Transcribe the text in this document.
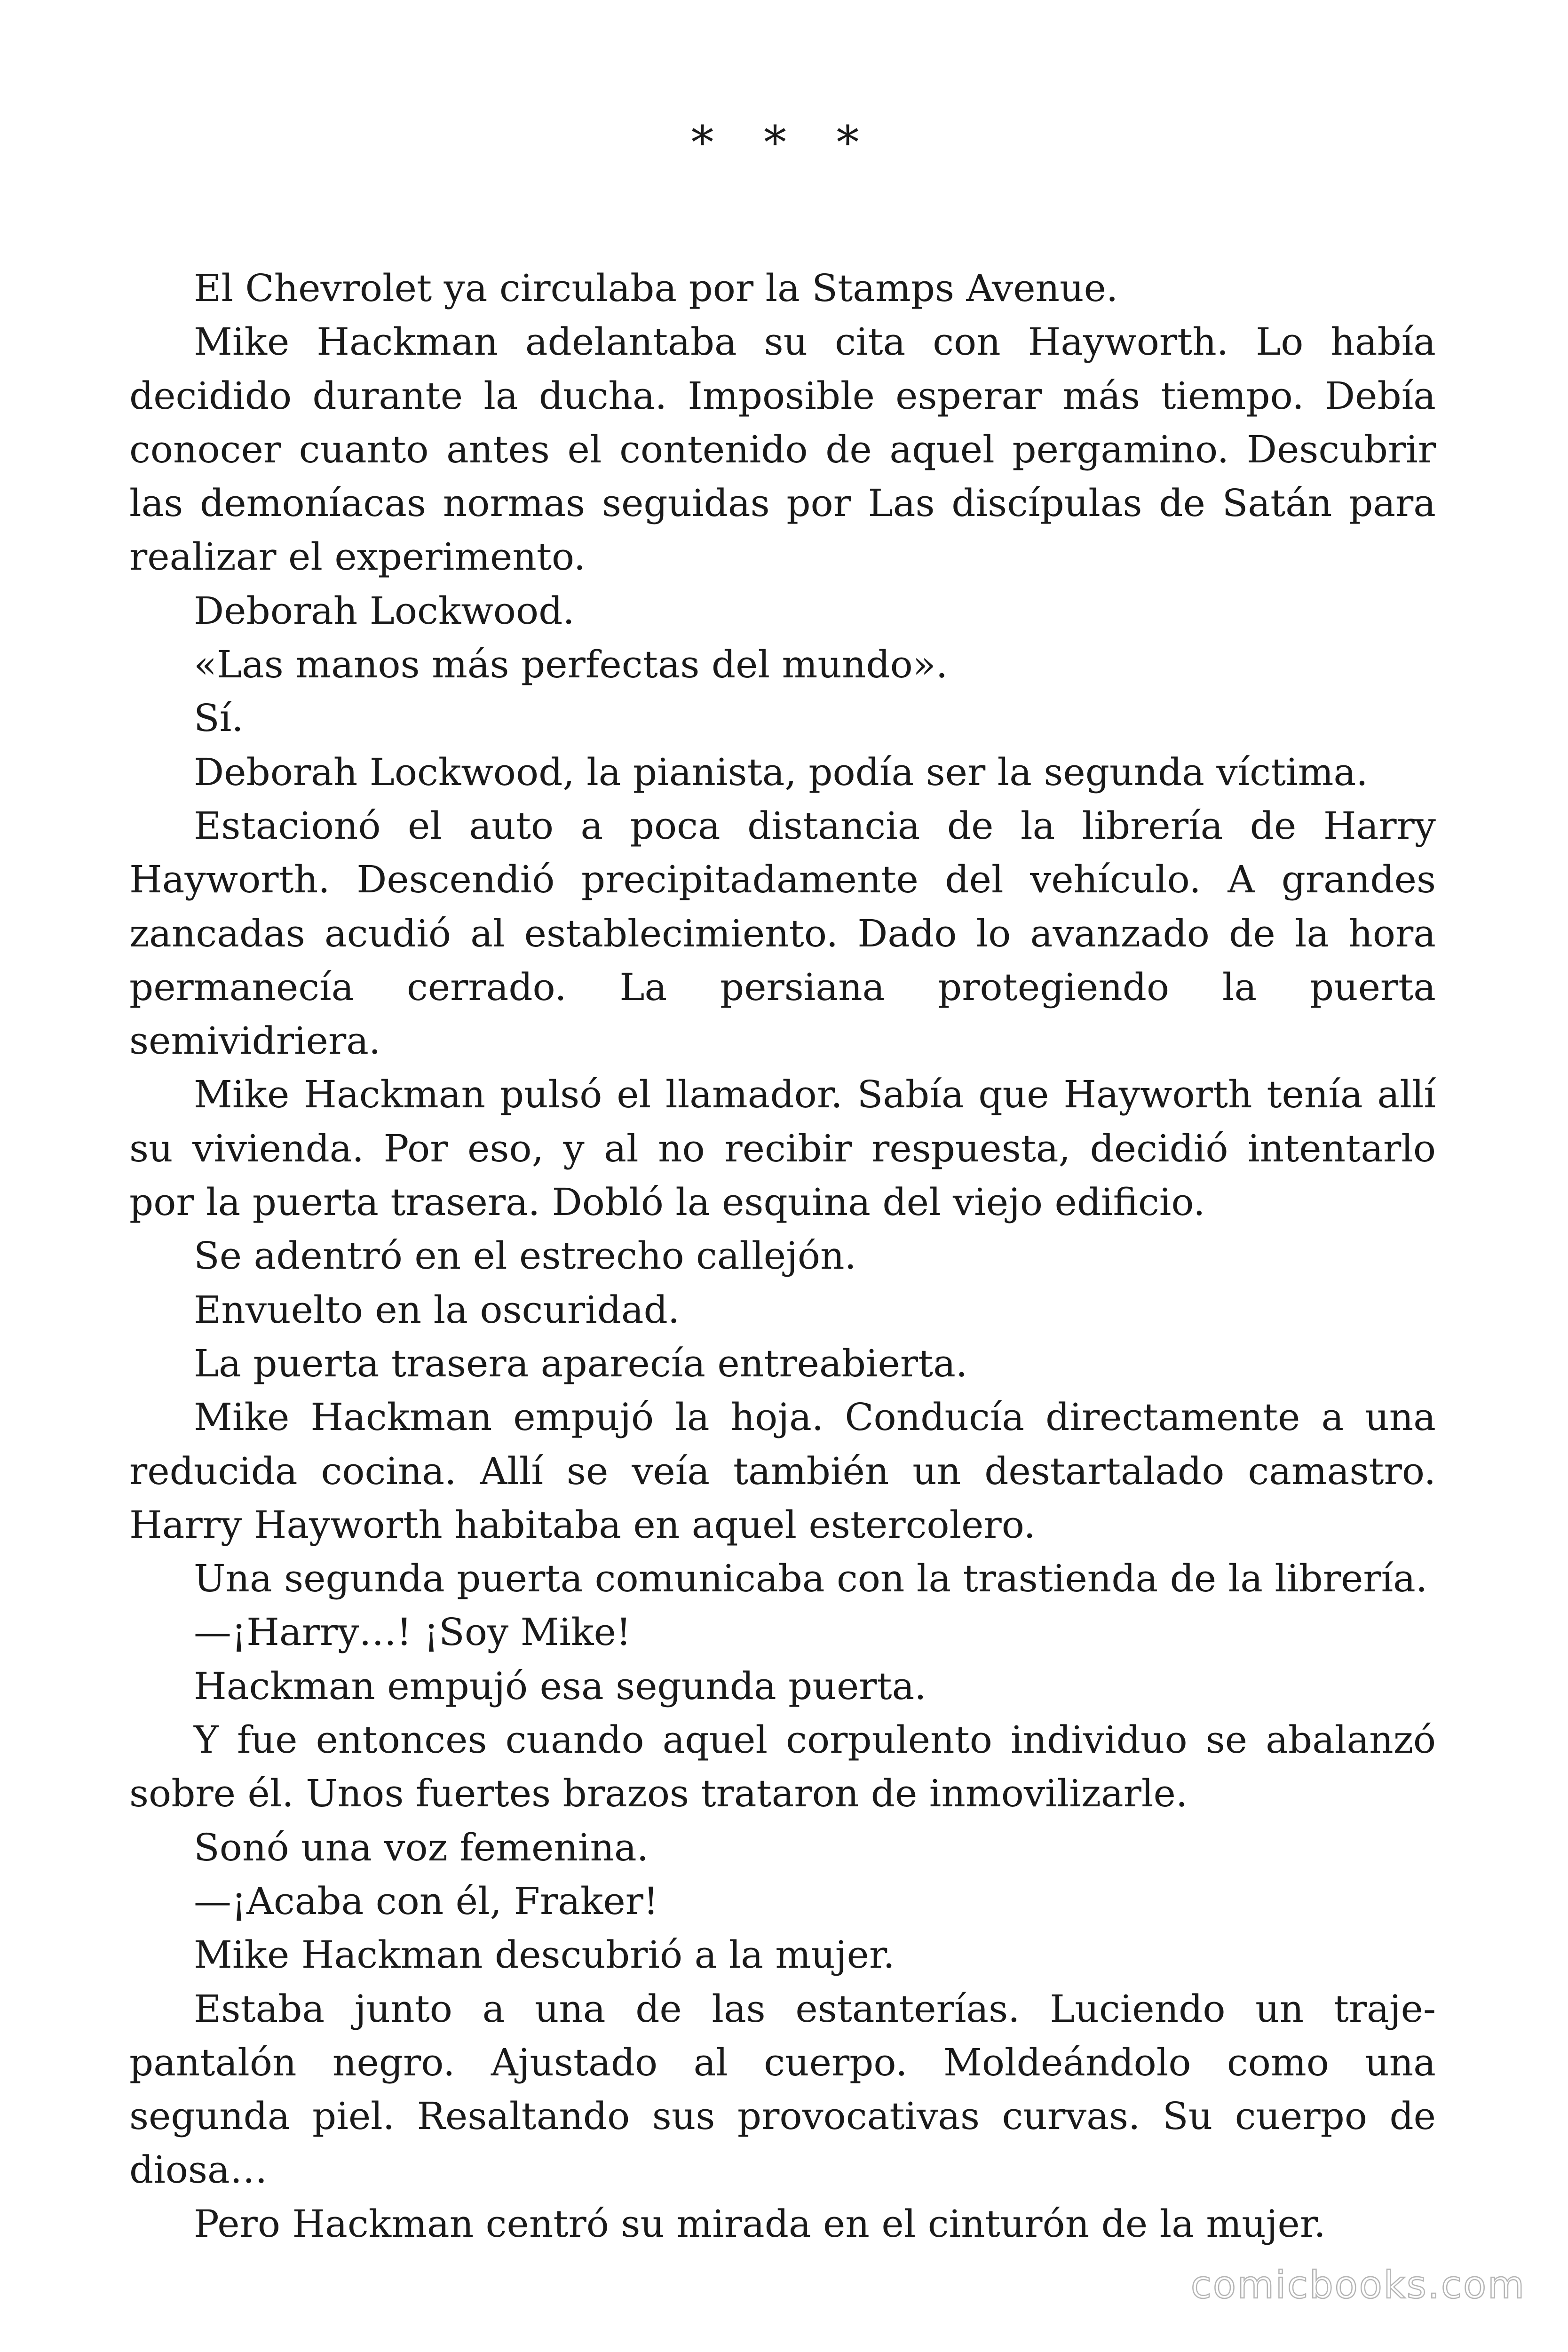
* * *

El Chevrolet ya circulaba por la Stamps Avenue.

Mike Hackman adelantaba su cita con Hayworth. Lo había decidido durante la ducha. Imposible esperar más tiempo. Debía conocer cuanto antes el contenido de aquel pergamino. Descubrir las demoníacas normas seguidas por Las discípulas de Satán para realizar el experimento.

Deborah Lockwood.

«Las manos más perfectas del mundo».

Sí.

Deborah Lockwood, la pianista, podía ser la segunda víctima.

Estacionó el auto a poca distancia de la librería de Harry Hayworth. Descendió precipitadamente del vehículo. A grandes zancadas acudió al establecimiento. Dado lo avanzado de la hora permanecía cerrado. La persiana protegiendo la puerta semividriera.

Mike Hackman pulsó el llamador. Sabía que Hayworth tenía allí su vivienda. Por eso, y al no recibir respuesta, decidió intentarlo por la puerta trasera. Dobló la esquina del viejo edificio.

Se adentró en el estrecho callejón.

Envuelto en la oscuridad.

La puerta trasera aparecía entreabierta.

Mike Hackman empujó la hoja. Conducía directamente a una reducida cocina. Allí se veía también un destartalado camastro. Harry Hayworth habitaba en aquel estercolero.

Una segunda puerta comunicaba con la trastienda de la librería.

—¡Harry…! ¡Soy Mike!

Hackman empujó esa segunda puerta.

Y fue entonces cuando aquel corpulento individuo se abalanzó sobre él. Unos fuertes brazos trataron de inmovilizarle.

Sonó una voz femenina.

—¡Acaba con él, Fraker!

Mike Hackman descubrió a la mujer.

Estaba junto a una de las estanterías. Luciendo un traje-pantalón negro. Ajustado al cuerpo. Moldeándolo como una segunda piel. Resaltando sus provocativas curvas. Su cuerpo de diosa…

Pero Hackman centró su mirada en el cinturón de la mujer.

comicbooks.com
